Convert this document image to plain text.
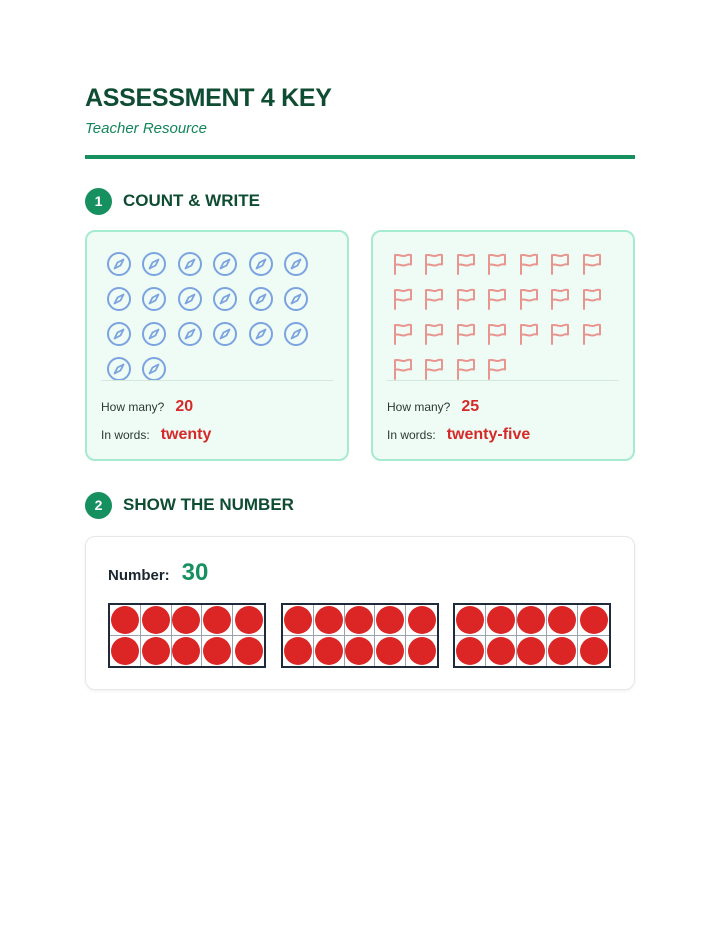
ASSESSMENT 4 KEY
Teacher Resource
1	COUNT & WRITE
How many? 20
In words: twenty
How many? 25
In words: twenty-five
2	SHOW THE NUMBER
Number: 30
